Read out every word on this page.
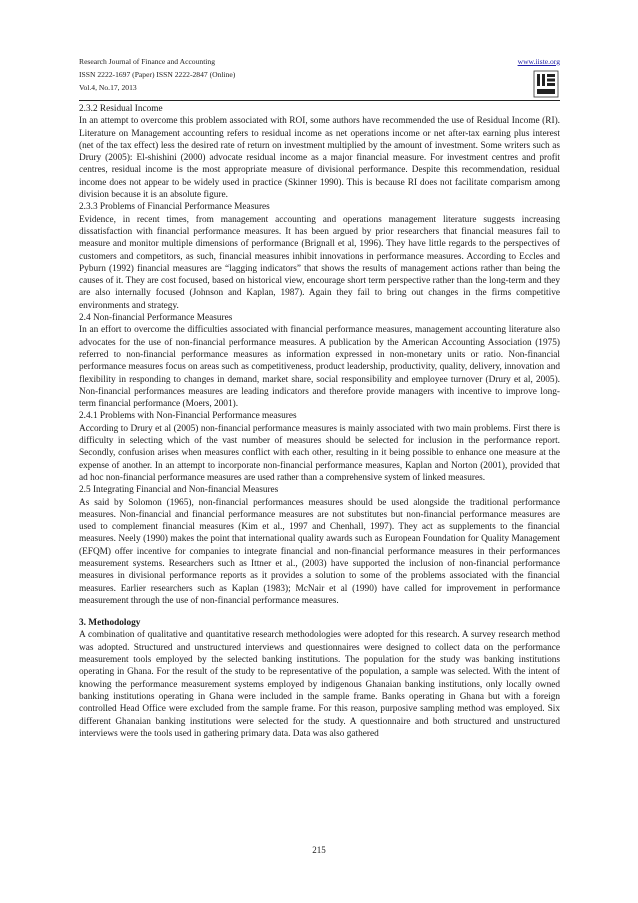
Research Journal of Finance and Accounting

ISSN 2222-1697 (Paper) ISSN 2222-2847 (Online)

Vol.4, No.17, 2013

www.iiste.org

2.3.2 Residual Income

In an attempt to overcome this problem associated with ROI, some authors have recommended the use of Residual Income (RI). Literature on Management accounting refers to residual income as net operations income or net after-tax earning plus interest (net of the tax effect) less the desired rate of return on investment multiplied by the amount of investment. Some writers such as Drury (2005): El-shishini (2000) advocate residual income as a major financial measure. For investment centres and profit centres, residual income is the most appropriate measure of divisional performance. Despite this recommendation, residual income does not appear to be widely used in practice (Skinner 1990). This is because RI does not facilitate comparism among division because it is an absolute figure.

2.3.3 Problems of Financial Performance Measures

Evidence, in recent times, from management accounting and operations management literature suggests increasing dissatisfaction with financial performance measures. It has been argued by prior researchers that financial measures fail to measure and monitor multiple dimensions of performance (Brignall et al, 1996). They have little regards to the perspectives of customers and competitors, as such, financial measures inhibit innovations in performance measures. According to Eccles and Pyburn (1992) financial measures are “lagging indicators” that shows the results of management actions rather than being the causes of it. They are cost focused, based on historical view, encourage short term perspective rather than the long-term and they are also internally focused (Johnson and Kaplan, 1987). Again they fail to bring out changes in the firms competitive environments and strategy.

2.4 Non-financial Performance Measures

In an effort to overcome the difficulties associated with financial performance measures, management accounting literature also advocates for the use of non-financial performance measures. A publication by the American Accounting Association (1975) referred to non-financial performance measures as information expressed in non-monetary units or ratio. Non-financial performance measures focus on areas such as competitiveness, product leadership, productivity, quality, delivery, innovation and flexibility in responding to changes in demand, market share, social responsibility and employee turnover (Drury et al, 2005). Non-financial performances measures are leading indicators and therefore provide managers with incentive to improve long-term financial performance (Moers, 2001).

2.4.1 Problems with Non-Financial Performance measures

According to Drury et al (2005) non-financial performance measures is mainly associated with two main problems. First there is difficulty in selecting which of the vast number of measures should be selected for inclusion in the performance report. Secondly, confusion arises when measures conflict with each other, resulting in it being possible to enhance one measure at the expense of another. In an attempt to incorporate non-financial performance measures, Kaplan and Norton (2001), provided that ad hoc non-financial performance measures are used rather than a comprehensive system of linked measures.

2.5 Integrating Financial and Non-financial Measures

As said by Solomon (1965), non-financial performances measures should be used alongside the traditional performance measures. Non-financial and financial performance measures are not substitutes but non-financial performance measures are used to complement financial measures (Kim et al., 1997 and Chenhall, 1997). They act as supplements to the financial measures. Neely (1990) makes the point that international quality awards such as European Foundation for Quality Management (EFQM) offer incentive for companies to integrate financial and non-financial performance measures in their performances measurement systems. Researchers such as Ittner et al., (2003) have supported the inclusion of non-financial performance measures in divisional performance reports as it provides a solution to some of the problems associated with the financial measures. Earlier researchers such as Kaplan (1983); McNair et al (1990) have called for improvement in performance measurement through the use of non-financial performance measures.

3. Methodology

A combination of qualitative and quantitative research methodologies were adopted for this research. A survey research method was adopted. Structured and unstructured interviews and questionnaires were designed to collect data on the performance measurement tools employed by the selected banking institutions. The population for the study was banking institutions operating in Ghana. For the result of the study to be representative of the population, a sample was selected. With the intent of knowing the performance measurement systems employed by indigenous Ghanaian banking institutions, only locally owned banking institutions operating in Ghana were included in the sample frame. Banks operating in Ghana but with a foreign controlled Head Office were excluded from the sample frame. For this reason, purposive sampling method was employed. Six different Ghanaian banking institutions were selected for the study. A questionnaire and both structured and unstructured interviews were the tools used in gathering primary data. Data was also gathered

215
